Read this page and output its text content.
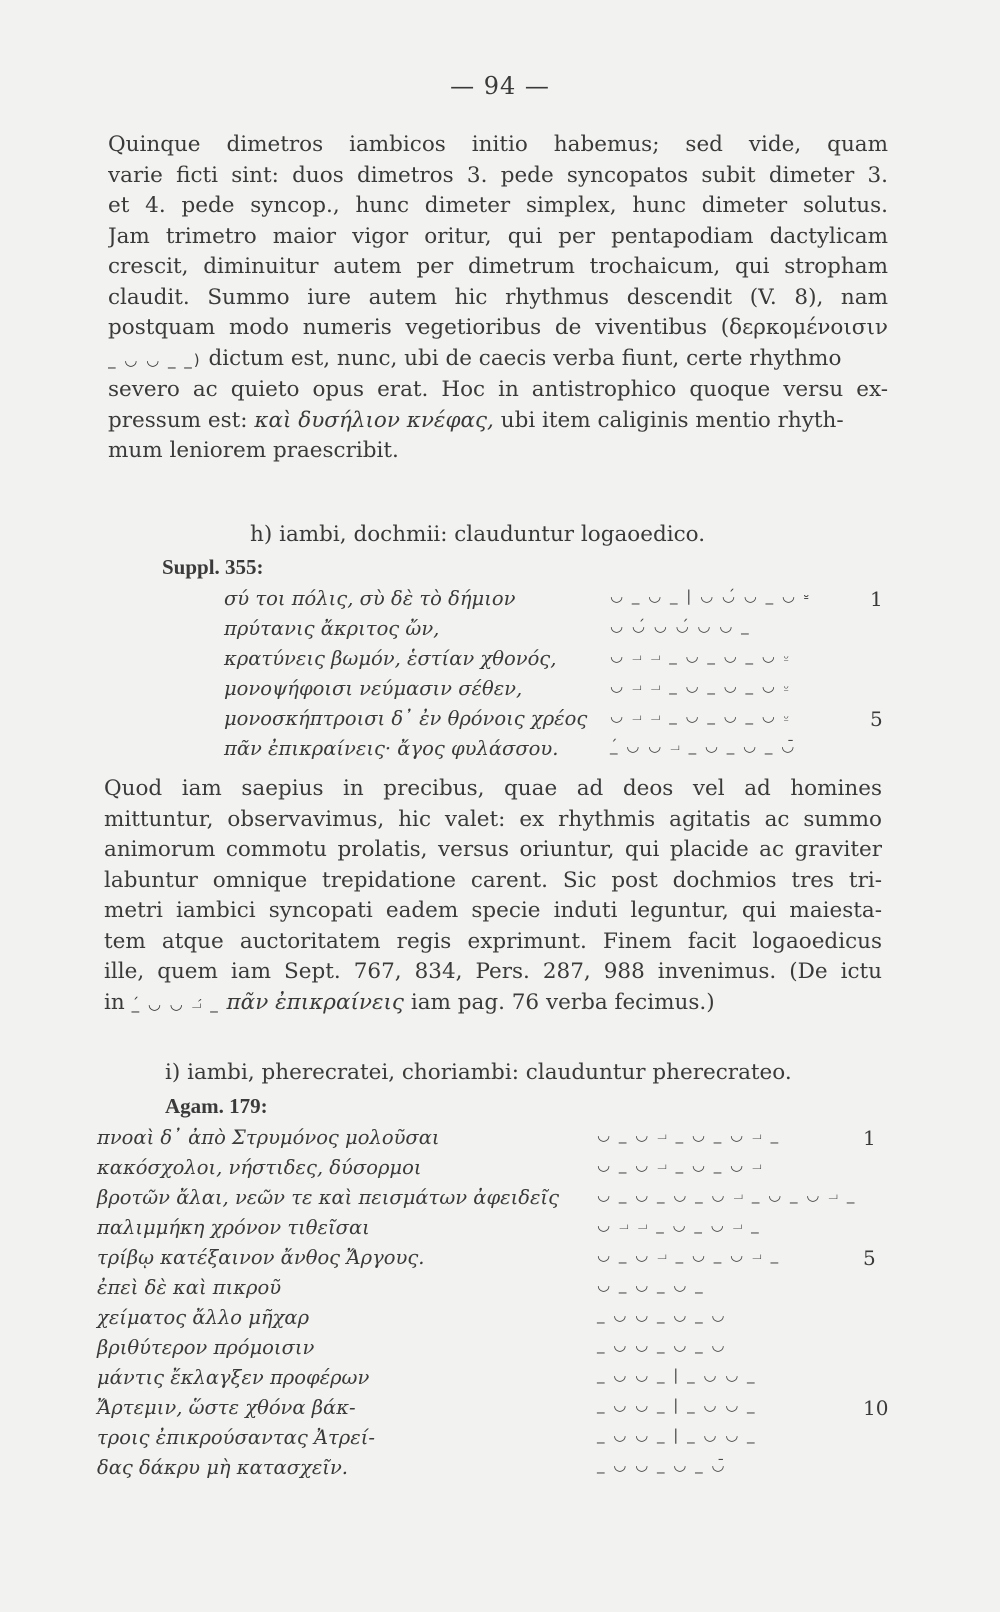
— 94 —
Quinque dimetros iambicos initio habemus; sed vide, quam
varie ficti sint: duos dimetros 3. pede syncopatos subit dimeter 3.
et 4. pede syncop., hunc dimeter simplex, hunc dimeter solutus.
Jam trimetro maior vigor oritur, qui per pentapodiam dactylicam
crescit, diminuitur autem per dimetrum trochaicum, qui stropham
claudit. Summo iure autem hic rhythmus descendit (V. 8), nam
postquam modo numeris vegetioribus de viventibus (δερκομένοισιν
_ ◡ ◡ _ _) dictum est, nunc, ubi de caecis verba fiunt, certe rhythmo
severo ac quieto opus erat. Hoc in antistrophico quoque versu ex-
pressum est: καὶ δυσήλιον κνέφας, ubi item caliginis mentio rhyth-
mum leniorem praescribit.
h) iambi, dochmii: clauduntur logaoedico.
Suppl. 355:
σύ τοι πόλις, σὺ δὲ τὸ δήμιον	◡ _ ◡ _ | ◡ ◡́ ◡ _ ◡ ⏓	1
πρύτανις ἄκριτος ὤν,	◡ ◡́ ◡ ◡́ ◡ ◡ _
κρατύνεις βωμόν, ἑστίαν χθονός,	◡ ⏗ ⏗ _ ◡ _ ◡ _ ◡ ⏓
μονοψήφοισι νεύμασιν σέθεν,	◡ ⏗ ⏗ _ ◡ _ ◡ _ ◡ ⏓
μονοσκήπτροισι δ᾿ ἐν θρόνοις χρέος ◡ ⏗ ⏗ _ ◡ _ ◡ _ ◡ ⏓	5
πᾶν ἐπικραίνεις· ἄγος φυλάσσου.	_́ ◡ ◡ ⏗ _ ◡ _ ◡ _ ◡̄
Quod iam saepius in precibus, quae ad deos vel ad homines
mittuntur, observavimus, hic valet: ex rhythmis agitatis ac summo
animorum commotu prolatis, versus oriuntur, qui placide ac graviter
labuntur omnique trepidatione carent. Sic post dochmios tres tri-
metri iambici syncopati eadem specie induti leguntur, qui maiesta-
tem atque auctoritatem regis exprimunt. Finem facit logaoedicus
ille, quem iam Sept. 767, 834, Pers. 287, 988 invenimus. (De ictu
in _́ ◡ ◡ ⏗́ _ πᾶν ἐπικραίνεις iam pag. 76 verba fecimus.)
i) iambi, pherecratei, choriambi: clauduntur pherecrateo.
Agam. 179:
πνοαὶ δ᾿ ἀπὸ Στρυμόνος μολοῦσαι	◡ _ ◡ ⏗ _ ◡ _ ◡ ⏗ _	1
κακόσχολοι, νήστιδες, δύσορμοι	◡ _ ◡ ⏗ _ ◡ _ ◡ ⏗
βροτῶν ἄλαι, νεῶν τε καὶ πεισμάτων ἀφειδεῖς	◡ _ ◡ _ ◡ _ ◡ ⏗ _ ◡ _ ◡ ⏗ _
παλιμμήκη χρόνον τιθεῖσαι	◡ ⏗ ⏗ _ ◡ _ ◡ ⏗ _
τρίβῳ κατέξαινον ἄνθος Ἄργους.	◡ _ ◡ ⏗ _ ◡ _ ◡ ⏗ _	5
ἐπεὶ δὲ καὶ πικροῦ	◡ _ ◡ _ ◡ _
χείματος ἄλλο μῆχαρ	_ ◡ ◡ _ ◡ _ ◡
βριθύτερον πρόμοισιν	_ ◡ ◡ _ ◡ _ ◡
μάντις ἔκλαγξεν προφέρων	_ ◡ ◡ _ | _ ◡ ◡ _
Ἄρτεμιν, ὥστε χθόνα βάκ-	_ ◡ ◡ _ | _ ◡ ◡ _	10
τροις ἐπικρούσαντας Ἀτρεί-	_ ◡ ◡ _ | _ ◡ ◡ _
δας δάκρυ μὴ κατασχεῖν.	_ ◡ ◡ _ ◡ _ ◡̄
